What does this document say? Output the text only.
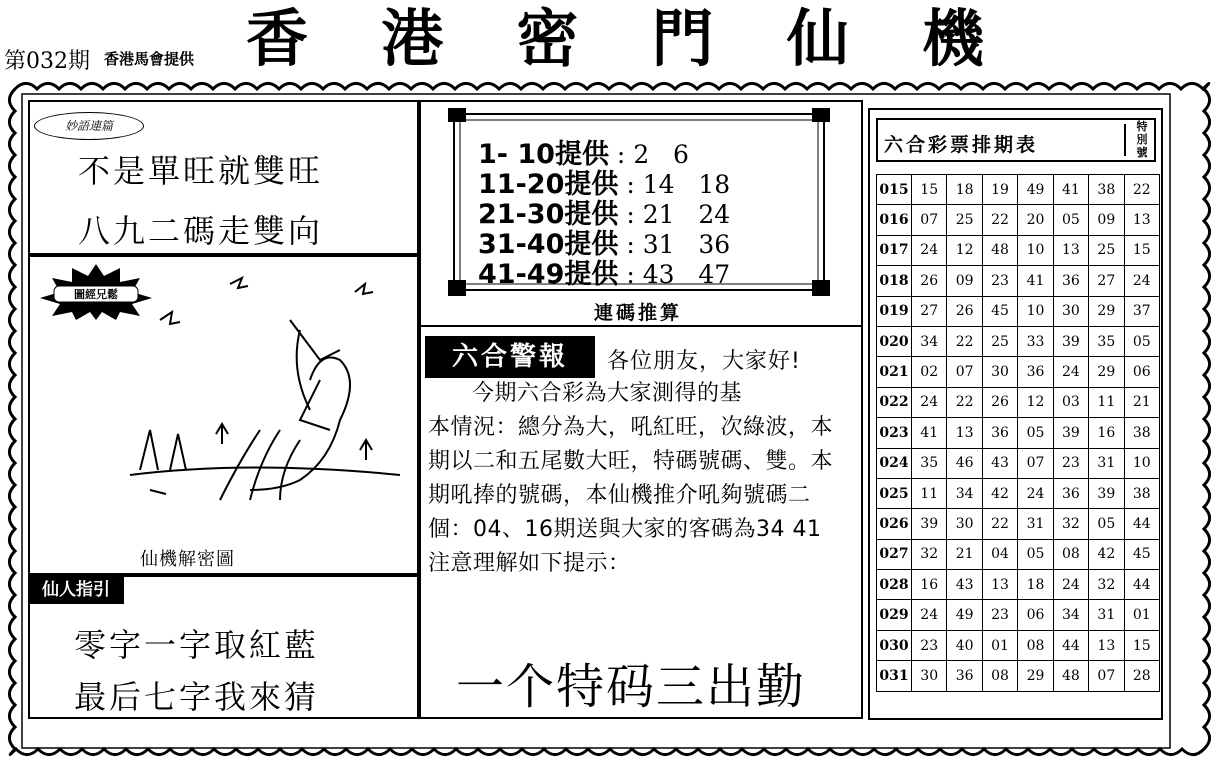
第032期 香港馬會提供 香 港 密 門 仙 機
妙語連篇
不是單旺就雙旺
八九二碼走雙向
圖經兄鬆
仙機解密圖
仙人指引
零字一字取紅藍
最后七字我來猜
1- 10提供 : 2   6
11-20提供 : 14   18
21-30提供 : 21   24
31-40提供 : 31   36
41-49提供 : 43   47
連碼推算
六合警報	各位朋友，大家好!
今期六合彩為大家測得的基
本情況：總分為大，吼紅旺，次綠波，本期以二和五尾數大旺，特碼號碼、雙。本期吼捧的號碼，本仙機推介吼夠號碼二個：04、16期送與大家的客碼為34 41注意理解如下提示：
一个特码三出勤
六合彩票排期表
特別號
015	15	18	19	49	41	38	22
016	07	25	22	20	05	09	13
017	24	12	48	10	13	25	15
018	26	09	23	41	36	27	24
019	27	26	45	10	30	29	37
020	34	22	25	33	39	35	05
021	02	07	30	36	24	29	06
022	24	22	26	12	03	11	21
023	41	13	36	05	39	16	38
024	35	46	43	07	23	31	10
025	11	34	42	24	36	39	38
026	39	30	22	31	32	05	44
027	32	21	04	05	08	42	45
028	16	43	13	18	24	32	44
029	24	49	23	06	34	31	01
030	23	40	01	08	44	13	15
031	30	36	08	29	48	07	28
